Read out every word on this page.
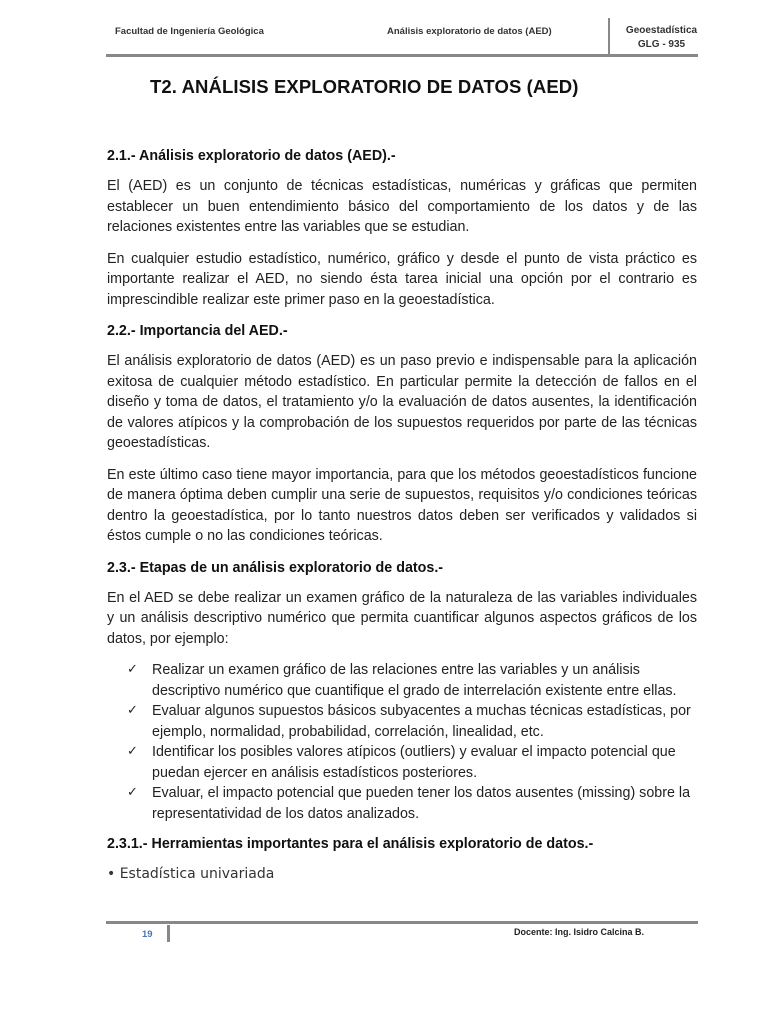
Facultad de Ingeniería Geológica	Análisis exploratorio de datos (AED)	Geoestadística
GLG - 935
T2. ANÁLISIS EXPLORATORIO DE DATOS (AED)
2.1.- Análisis exploratorio de datos (AED).-

El (AED) es un conjunto de técnicas estadísticas, numéricas y gráficas que permiten establecer un buen entendimiento básico del comportamiento de los datos y de las relaciones existentes entre las variables que se estudian.

En cualquier estudio estadístico, numérico, gráfico y desde el punto de vista práctico es importante realizar el AED, no siendo ésta tarea inicial una opción por el contrario es imprescindible realizar este primer paso en la geoestadística.

2.2.- Importancia del AED.-

El análisis exploratorio de datos (AED) es un paso previo e indispensable para la aplicación exitosa de cualquier método estadístico. En particular permite la detección de fallos en el diseño y toma de datos, el tratamiento y/o la evaluación de datos ausentes, la identificación de valores atípicos y la comprobación de los supuestos requeridos por parte de las técnicas geoestadísticas.

En este último caso tiene mayor importancia, para que los métodos geoestadísticos funcione de manera óptima deben cumplir una serie de supuestos, requisitos y/o condiciones teóricas dentro la geoestadística, por lo tanto nuestros datos deben ser verificados y validados si éstos cumple o no las condiciones teóricas.

2.3.- Etapas de un análisis exploratorio de datos.-

En el AED se debe realizar un examen gráfico de la naturaleza de las variables individuales y un análisis descriptivo numérico que permita cuantificar algunos aspectos gráficos de los datos, por ejemplo:

✓ Realizar un examen gráfico de las relaciones entre las variables y un análisis descriptivo numérico que cuantifique el grado de interrelación existente entre ellas.
✓ Evaluar algunos supuestos básicos subyacentes a muchas técnicas estadísticas, por ejemplo, normalidad, probabilidad, correlación, linealidad, etc.
✓ Identificar los posibles valores atípicos (outliers) y evaluar el impacto potencial que puedan ejercer en análisis estadísticos posteriores.
✓ Evaluar, el impacto potencial que pueden tener los datos ausentes (missing) sobre la representatividad de los datos analizados.
2.3.1.- Herramientas importantes para el análisis exploratorio de datos.-
• Estadística univariada
19	Docente: Ing. Isidro Calcina B.
